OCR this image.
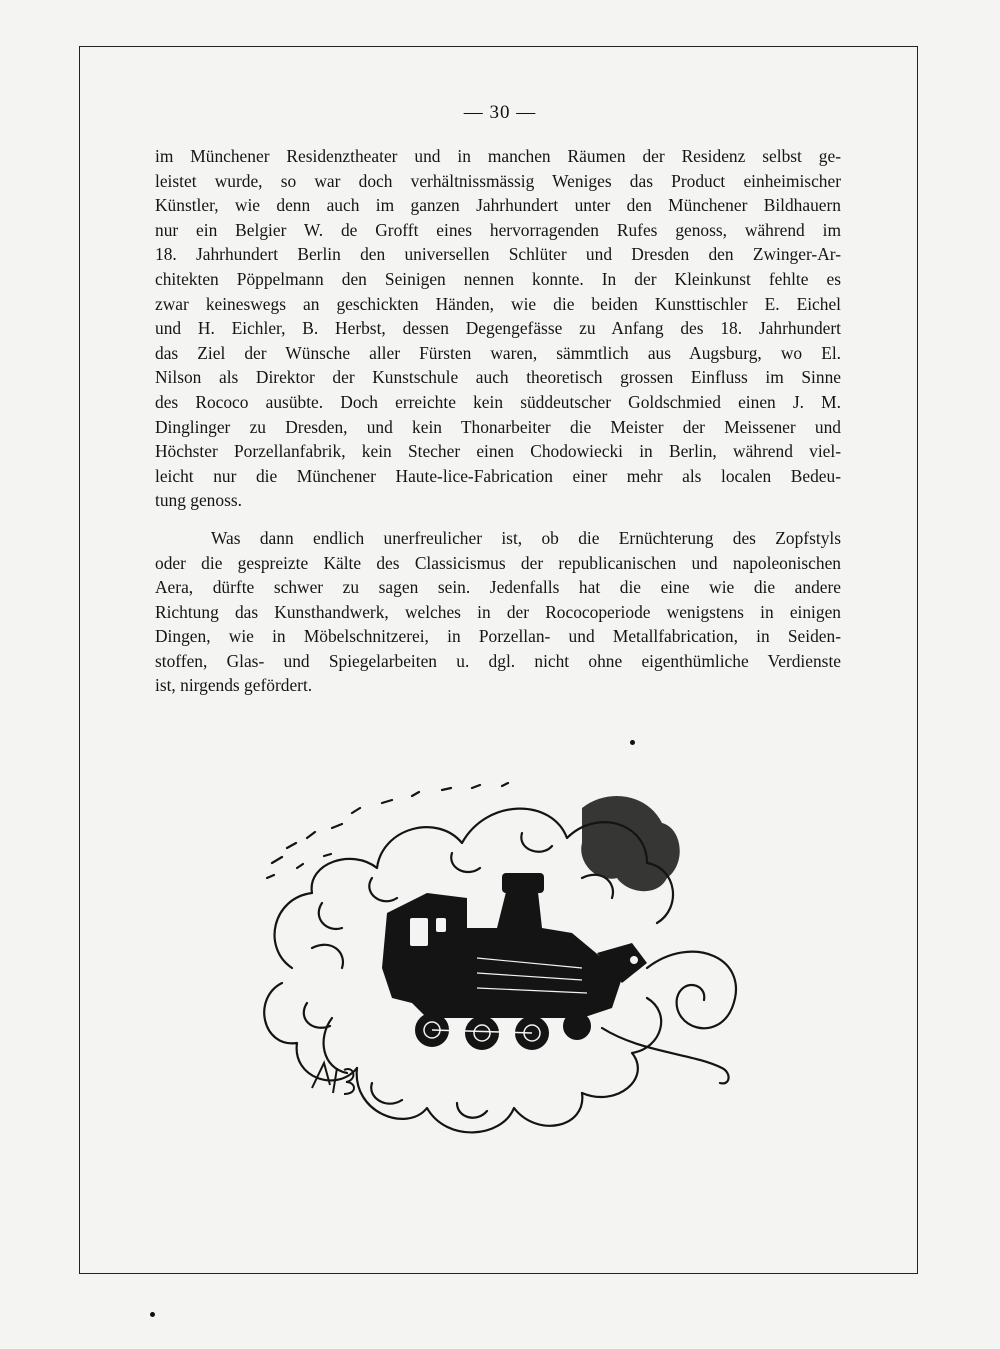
— 30 —

im Münchener Residenztheater und in manchen Räumen der Residenz selbst ge-
leistet wurde, so war doch verhältnissmässig Weniges das Product einheimischer
Künstler, wie denn auch im ganzen Jahrhundert unter den Münchener Bildhauern
nur ein Belgier W. de Grofft eines hervorragenden Rufes genoss, während im
18. Jahrhundert Berlin den universellen Schlüter und Dresden den Zwinger-Ar-
chitekten Pöppelmann den Seinigen nennen konnte. In der Kleinkunst fehlte es
zwar keineswegs an geschickten Händen, wie die beiden Kunsttischler E. Eichel
und H. Eichler, B. Herbst, dessen Degengefässe zu Anfang des 18. Jahrhundert
das Ziel der Wünsche aller Fürsten waren, sämmtlich aus Augsburg, wo El.
Nilson als Direktor der Kunstschule auch theoretisch grossen Einfluss im Sinne
des Rococo ausübte. Doch erreichte kein süddeutscher Goldschmied einen J. M.
Dinglinger zu Dresden, und kein Thonarbeiter die Meister der Meissener und
Höchster Porzellanfabrik, kein Stecher einen Chodowiecki in Berlin, während viel-
leicht nur die Münchener Haute-lice-Fabrication einer mehr als localen Bedeu-
tung genoss.

Was dann endlich unerfreulicher ist, ob die Ernüchterung des Zopfstyls
oder die gespreizte Kälte des Classicismus der republicanischen und napoleonischen
Aera, dürfte schwer zu sagen sein. Jedenfalls hat die eine wie die andere
Richtung das Kunsthandwerk, welches in der Rococoperiode wenigstens in einigen
Dingen, wie in Möbelschnitzerei, in Porzellan- und Metallfabrication, in Seiden-
stoffen, Glas- und Spiegelarbeiten u. dgl. nicht ohne eigenthümliche Verdienste
ist, nirgends gefördert.
